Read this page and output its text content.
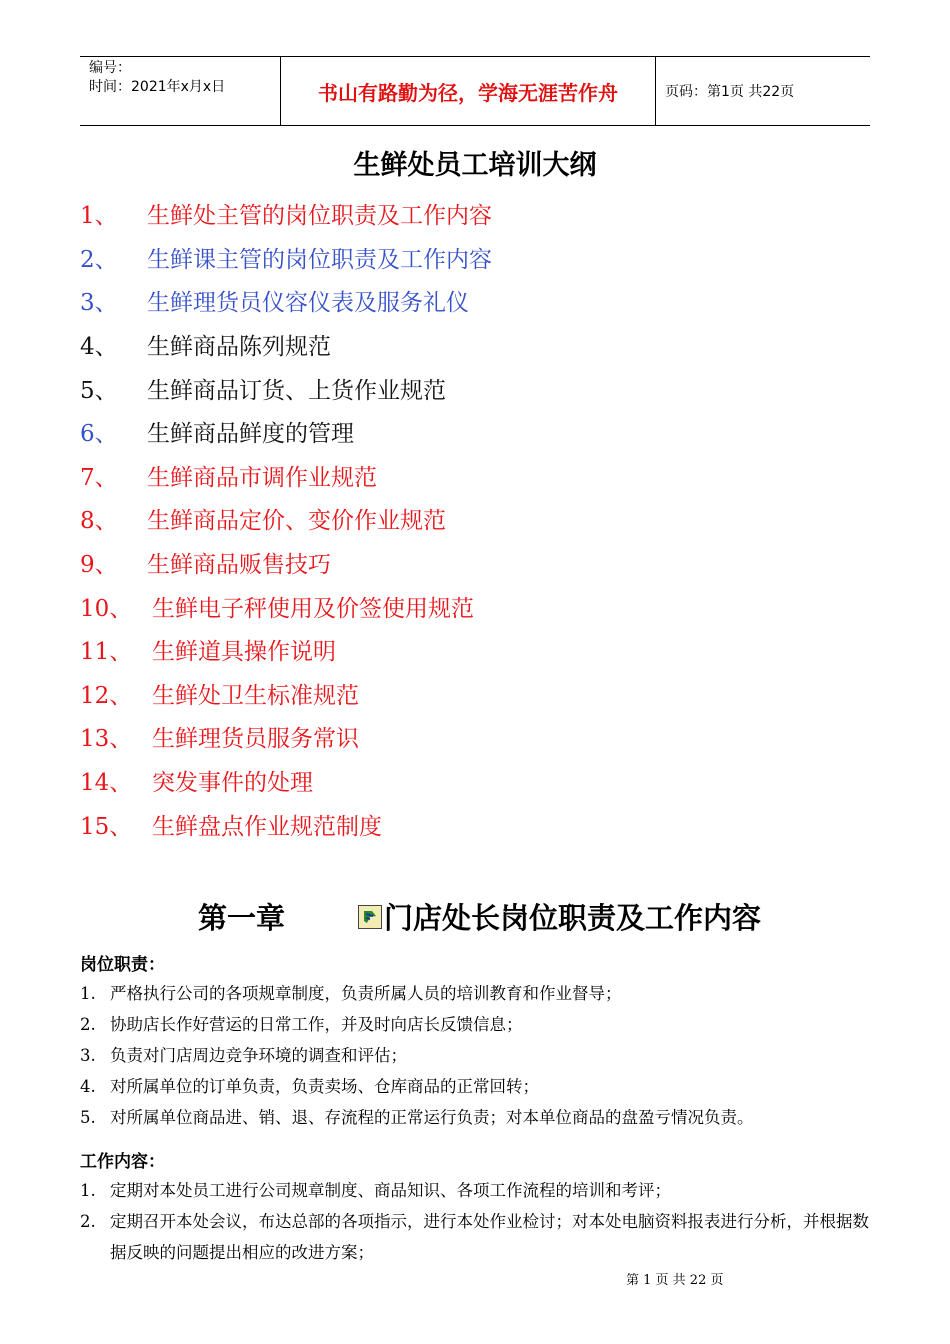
编号：
时间：2021年x月x日	书山有路勤为径，学海无涯苦作舟	页码：第1页 共22页
生鲜处员工培训大纲
1、	生鲜处主管的岗位职责及工作内容
2、	生鲜课主管的岗位职责及工作内容
3、	生鲜理货员仪容仪表及服务礼仪
4、	生鲜商品陈列规范
5、	生鲜商品订货、上货作业规范
6、	生鲜商品鲜度的管理
7、	生鲜商品市调作业规范
8、	生鲜商品定价、变价作业规范
9、	生鲜商品贩售技巧
10、 生鲜电子秤使用及价签使用规范
11、 生鲜道具操作说明
12、 生鲜处卫生标准规范
13、 生鲜理货员服务常识
14、 突发事件的处理
15、 生鲜盘点作业规范制度
第一章	门店处长岗位职责及工作内容
岗位职责：
1. 严格执行公司的各项规章制度，负责所属人员的培训教育和作业督导；
2. 协助店长作好营运的日常工作，并及时向店长反馈信息；
3. 负责对门店周边竞争环境的调查和评估；
4. 对所属单位的订单负责，负责卖场、仓库商品的正常回转；
5. 对所属单位商品进、销、退、存流程的正常运行负责；对本单位商品的盘盈亏情况负责。
工作内容：
1. 定期对本处员工进行公司规章制度、商品知识、各项工作流程的培训和考评；
2. 定期召开本处会议，布达总部的各项指示，进行本处作业检讨；对本处电脑资料报表进行分析，并根据数据反映的问题提出相应的改进方案；
第 1 页 共 22 页
